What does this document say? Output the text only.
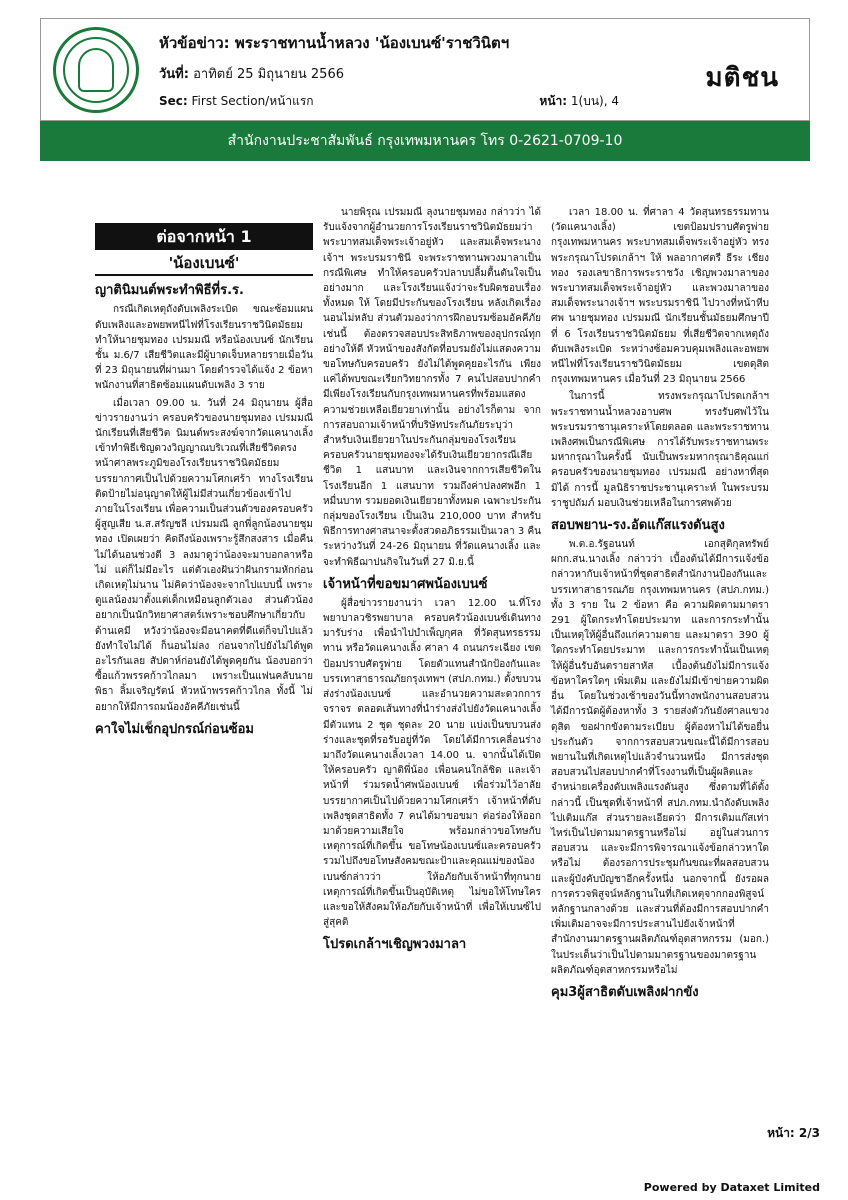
หัวข้อข่าว: พระราชทานน้ำหลวง 'น้องเบนซ์'ราชวินิตฯ
วันที่: อาทิตย์ 25 มิถุนายน 2566
Sec: First Section/หน้าแรก	หน้า: 1(บน), 4
มติชน
สำนักงานประชาสัมพันธ์ กรุงเทพมหานคร โทร 0-2621-0709-10
ต่อจากหน้า 1
'น้องเบนซ์'
ญาตินิมนต์พระทำพิธีที่ร.ร.

กรณีเกิดเหตุถังดับเพลิงระเบิด ขณะซ้อมแผนดับเพลิงและอพยพหนีไฟที่โรงเรียนราชวินิตมัธยม ทำให้นายชุมทอง เปรมมณี หรือน้องเบนซ์ นักเรียนชั้น ม.6/7 เสียชีวิตและมีผู้บาดเจ็บหลายรายเมื่อวันที่ 23 มิถุนายนที่ผ่านมา โดยตำรวจได้แจ้ง 2 ข้อหา พนักงานที่สาธิตซ้อมแผนดับเพลิง 3 ราย

เมื่อเวลา 09.00 น. วันที่ 24 มิถุนายน ผู้สื่อข่าวรายงานว่า ครอบครัวของนายชุมทอง เปรมมณี นักเรียนที่เสียชีวิต นิมนต์พระสงฆ์จากวัดแคนางเลิ้ง เข้าทำพิธีเชิญดวงวิญญาณบริเวณที่เสียชีวิตตรงหน้าศาลพระภูมิของโรงเรียนราชวินิตมัธยม บรรยากาศเป็นไปด้วยความโศกเศร้า ทางโรงเรียนติดป้ายไม่อนุญาตให้ผู้ไม่มีส่วนเกี่ยวข้องเข้าไปภายในโรงเรียน เพื่อความเป็นส่วนตัวของครอบครัวผู้สูญเสีย น.ส.สรัญชลี เปรมมณี ลูกพี่ลูกน้องนายชุมทอง เปิดเผยว่า คิดถึงน้องเพราะรู้สึกสงสาร เมื่อคืนไม่ได้นอนช่วงตี 3 ลงมาดูว่าน้องจะมาบอกลาหรือไม่ แต่ก็ไม่มีอะไร แต่ตัวเองฝันว่าฝันกรามหักก่อนเกิดเหตุไม่นาน ไม่คิดว่าน้องจะจากไปแบบนี้ เพราะดูแลน้องมาตั้งแต่เด็กเหมือนลูกตัวเอง ส่วนตัวน้องอยากเป็นนักวิทยาศาสตร์เพราะชอบศึกษาเกี่ยวกับด้านเคมี หวังว่าน้องจะมีอนาคตที่ดีแต่ก็จบไปแล้ว ยังทำใจไม่ได้ ก็นอนไม่ลง ก่อนจากไปยังไม่ได้พูดอะไรกันเลย สัปดาห์ก่อนยังได้พูดคุยกัน น้องบอกว่าซื้อแก้วพรรคก้าวไกลมา เพราะเป็นแฟนคลับนายพิธา ลิ้มเจริญรัตน์ หัวหน้าพรรคก้าวไกล ทั้งนี้ ไม่อยากให้มีการถมน้องอัคคีภัยเช่นนี้

คาใจไม่เช็กอุปกรณ์ก่อนซ้อม

นายพิรุณ เปรมมณี ลุงนายชุมทอง กล่าวว่า ได้รับแจ้งจากผู้อำนวยการโรงเรียนราชวินิตมัธยมว่า พระบาทสมเด็จพระเจ้าอยู่หัว และสมเด็จพระนางเจ้าฯ พระบรมราชินี จะพระราชทานพวงมาลาเป็นกรณีพิเศษ ทำให้ครอบครัวปลาบปลื้มตื้นตันใจเป็นอย่างมาก และโรงเรียนแจ้งว่าจะรับผิดชอบเรื่องทั้งหมด ให้ โดยมีประกันของโรงเรียน หลังเกิดเรื่องนอนไม่หลับ ส่วนตัวมองว่าการฝึกอบรมซ้อมอัคคีภัยเช่นนี้ ต้องตรวจสอบประสิทธิภาพของอุปกรณ์ทุกอย่างให้ดี หัวหน้าของสังกัดที่อบรมยังไม่แสดงความขอโทษกับครอบครัว ยังไม่ได้พูดคุยอะไรกัน เพียงแค่ได้พบขณะเรียกวิทยากรทั้ง 7 คนไปสอบปากคำ มีเพียงโรงเรียนกับกรุงเทพมหานครที่พร้อมแสดงความช่วยเหลือเยียวยาเท่านั้น อย่างไรก็ตาม จากการสอบถามเจ้าหน้าที่บริษัทประกันภัยระบุว่า สำหรับเงินเยียวยาในประกันกลุ่มของโรงเรียน ครอบครัวนายชุมทองจะได้รับเงินเยียวยากรณีเสียชีวิต 1 แสนบาท และเงินจากการเสียชีวิตในโรงเรียนอีก 1 แสนบาท รวมถึงค่าปลงศพอีก 1 หมื่นบาท รวมยอดเงินเยียวยาทั้งหมด เฉพาะประกันกลุ่มของโรงเรียน เป็นเงิน 210,000 บาท สำหรับพิธีการทางศาสนาจะตั้งสวดอภิธรรมเป็นเวลา 3 คืน ระหว่างวันที่ 24-26 มิถุนายน ที่วัดแคนางเลิ้ง และจะทำพิธีฌาปนกิจในวันที่ 27 มิ.ย.นี้

เจ้าหน้าที่ขอขมาศพน้องเบนซ์

ผู้สื่อข่าวรายงานว่า เวลา 12.00 น.ที่โรงพยาบาลวชิรพยาบาล ครอบครัวน้องเบนซ์เดินทางมารับร่าง เพื่อนำไปบำเพ็ญกุศล ที่วัดสุนทรธรรมทาน หรือวัดแคนางเลิ้ง ศาลา 4 ถนนกระเฉียง เขตป้อมปราบศัตรูพ่าย โดยตัวแทนสำนักป้องกันและบรรเทาสาธารณภัยกรุงเทพฯ (สปภ.กทม.) ตั้งขบวนส่งร่างน้องเบนซ์ และอำนวยความสะดวกการจราจร ตลอดเส้นทางที่นำร่างส่งไปยังวัดแคนางเลิ้ง มีตัวแทน 2 ชุด ชุดละ 20 นาย แบ่งเป็นขบวนส่งร่างและชุดที่รอรับอยู่ที่วัด โดยได้มีการเคลื่อนร่างมาถึงวัดแคนางเลิ้งเวลา 14.00 น. จากนั้นได้เปิดให้ครอบครัว ญาติพี่น้อง เพื่อนคนใกล้ชิด และเจ้าหน้าที่ ร่วมรดน้ำศพน้องเบนซ์ เพื่อร่วมไว้อาลัย บรรยากาศเป็นไปด้วยความโศกเศร้า เจ้าหน้าที่ดับเพลิงชุดสาธิตทั้ง 7 คนได้มาขอขมา ต่อร่องให้ออกมาด้วยความเสียใจ พร้อมกล่าวขอโทษกับเหตุการณ์ที่เกิดขึ้น ขอโทษน้องเบนซ์และครอบครัว รวมไปถึงขอโทษสังคมขณะป้าและคุณแม่ของน้องเบนซ์กล่าวว่า ให้อภัยกับเจ้าหน้าที่ทุกนาย เหตุการณ์ที่เกิดขึ้นเป็นอุบัติเหตุ ไม่ขอให้โทษใคร และขอให้สังคมให้อภัยกับเจ้าหน้าที่ เพื่อให้เบนซ์ไปสู่สุคติ

โปรดเกล้าฯเชิญพวงมาลา

เวลา 18.00 น. ที่ศาลา 4 วัดสุนทรธรรมทาน (วัดแคนางเลิ้ง) เขตป้อมปราบศัตรูพ่าย กรุงเทพมหานคร พระบาทสมเด็จพระเจ้าอยู่หัว ทรงพระกรุณาโปรดเกล้าฯ ให้ พลอากาศตรี ธีระ เชียงทอง รองเลขาธิการพระราชวัง เชิญพวงมาลาของพระบาทสมเด็จพระเจ้าอยู่หัว และพวงมาลาของสมเด็จพระนางเจ้าฯ พระบรมราชินี ไปวางที่หน้าหีบศพ นายชุมทอง เปรมมณี นักเรียนชั้นมัธยมศึกษาปีที่ 6 โรงเรียนราชวินิตมัธยม ที่เสียชีวิตจากเหตุถังดับเพลิงระเบิด ระหว่างซ้อมควบคุมเพลิงและอพยพหนีไฟที่โรงเรียนราชวินิตมัธยม เขตดุสิต กรุงเทพมหานคร เมื่อวันที่ 23 มิถุนายน 2566

ในการนี้ ทรงพระกรุณาโปรดเกล้าฯ พระราชทานน้ำหลวงอาบศพ ทรงรับศพไว้ในพระบรมราชานุเคราะห์โดยตลอด และพระราชทานเพลิงศพเป็นกรณีพิเศษ การได้รับพระราชทานพระมหากรุณาในครั้งนี้ นับเป็นพระมหากรุณาธิคุณแก่ครอบครัวของนายชุมทอง เปรมมณี อย่างหาที่สุดมิได้ การนี้ มูลนิธิราชประชานุเคราะห์ ในพระบรมราชูปถัมภ์ มอบเงินช่วยเหลือในการศพด้วย

สอบพยาน-รง.อัดแก๊สแรงดันสูง

พ.ต.อ.รัฐอนนท์ เอกสุติกุลทรัพย์ ผกก.สน.นางเลิ้ง กล่าวว่า เบื้องต้นได้มีการแจ้งข้อกล่าวหากับเจ้าหน้าที่ชุดสาธิตสำนักงานป้องกันและบรรเทาสาธารณภัย กรุงเทพมหานคร (สปภ.กทม.) ทั้ง 3 ราย ใน 2 ข้อหา คือ ความผิดตามมาตรา 291 ผู้ใดกระทำโดยประมาท และการกระทำนั้นเป็นเหตุให้ผู้อื่นถึงแก่ความตาย และมาตรา 390 ผู้ใดกระทำโดยประมาท และการกระทำนั้นเป็นเหตุให้ผู้อื่นรับอันตรายสาหัส เบื้องต้นยังไม่มีการแจ้งข้อหาใครใดๆ เพิ่มเติม และยังไม่มีเข้าข่ายความผิดอื่น โดยในช่วงเช้าของวันนี้ทางพนักงานสอบสวนได้มีการนัดผู้ต้องหาทั้ง 3 รายส่งตัวกันยังศาลแขวงดุสิต ขอฝากขังตามระเบียบ ผู้ต้องหาไม่ได้ขอยื่นประกันตัว จากการสอบสวนขณะนี้ได้มีการสอบพยานในที่เกิดเหตุไปแล้วจำนวนหนึ่ง มีการส่งชุดสอบสวนไปสอบปากคำที่โรงงานที่เป็นผู้ผลิตและจำหน่ายเครื่องดับเพลิงแรงดันสูง ซึ่งตามที่ได้ตั้งกล่าวนี้ เป็นชุดที่เจ้าหน้าที่ สปภ.กทม.นำถังดับเพลิงไปเติมแก๊ส ส่วนรายละเอียดว่า มีการเติมแก๊สเท่าไหร่เป็นไปตามมาตรฐานหรือไม่ อยู่ในส่วนการสอบสวน และจะมีการพิจารณาแจ้งข้อกล่าวหาใดหรือไม่ ต้องรอการประชุมกันขณะที่ผลสอบสวน และผู้บังคับบัญชาอีกครั้งหนึ่ง นอกจากนี้ ยังรอผลการตรวจพิสูจน์หลักฐานในที่เกิดเหตุจากกองพิสูจน์หลักฐานกลางด้วย และส่วนที่ต้องมีการสอบปากคำเพิ่มเติมอาจจะมีการประสานไปยังเจ้าหน้าที่สำนักงานมาตรฐานผลิตภัณฑ์อุตสาหกรรม (มอก.) ในประเด็นว่าเป็นไปตามมาตรฐานของมาตรฐานผลิตภัณฑ์อุตสาหกรรมหรือไม่

คุม3ผู้สาธิตดับเพลิงฝากขัง
หน้า: 2/3
Powered by Dataxet Limited
